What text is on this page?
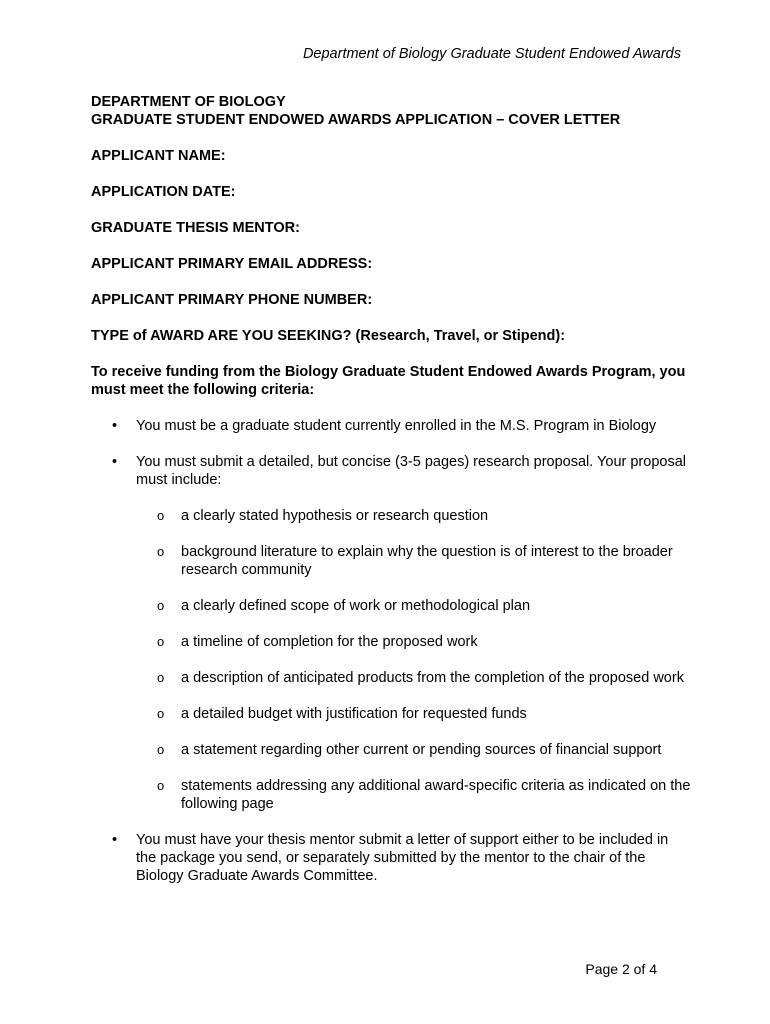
Department of Biology Graduate Student Endowed Awards
DEPARTMENT OF BIOLOGY
GRADUATE STUDENT ENDOWED AWARDS APPLICATION – COVER LETTER
APPLICANT NAME:
APPLICATION DATE:
GRADUATE THESIS MENTOR:
APPLICANT PRIMARY EMAIL ADDRESS:
APPLICANT PRIMARY PHONE NUMBER:
TYPE of AWARD ARE YOU SEEKING? (Research, Travel, or Stipend):
To receive funding from the Biology Graduate Student Endowed Awards Program, you must meet the following criteria:
• You must be a graduate student currently enrolled in the M.S. Program in Biology
• You must submit a detailed, but concise (3-5 pages) research proposal. Your proposal must include:
o a clearly stated hypothesis or research question
o background literature to explain why the question is of interest to the broader research community
o a clearly defined scope of work or methodological plan
o a timeline of completion for the proposed work
o a description of anticipated products from the completion of the proposed work
o a detailed budget with justification for requested funds
o a statement regarding other current or pending sources of financial support
o statements addressing any additional award-specific criteria as indicated on the following page
• You must have your thesis mentor submit a letter of support either to be included in the package you send, or separately submitted by the mentor to the chair of the Biology Graduate Awards Committee.
Page 2 of 4
